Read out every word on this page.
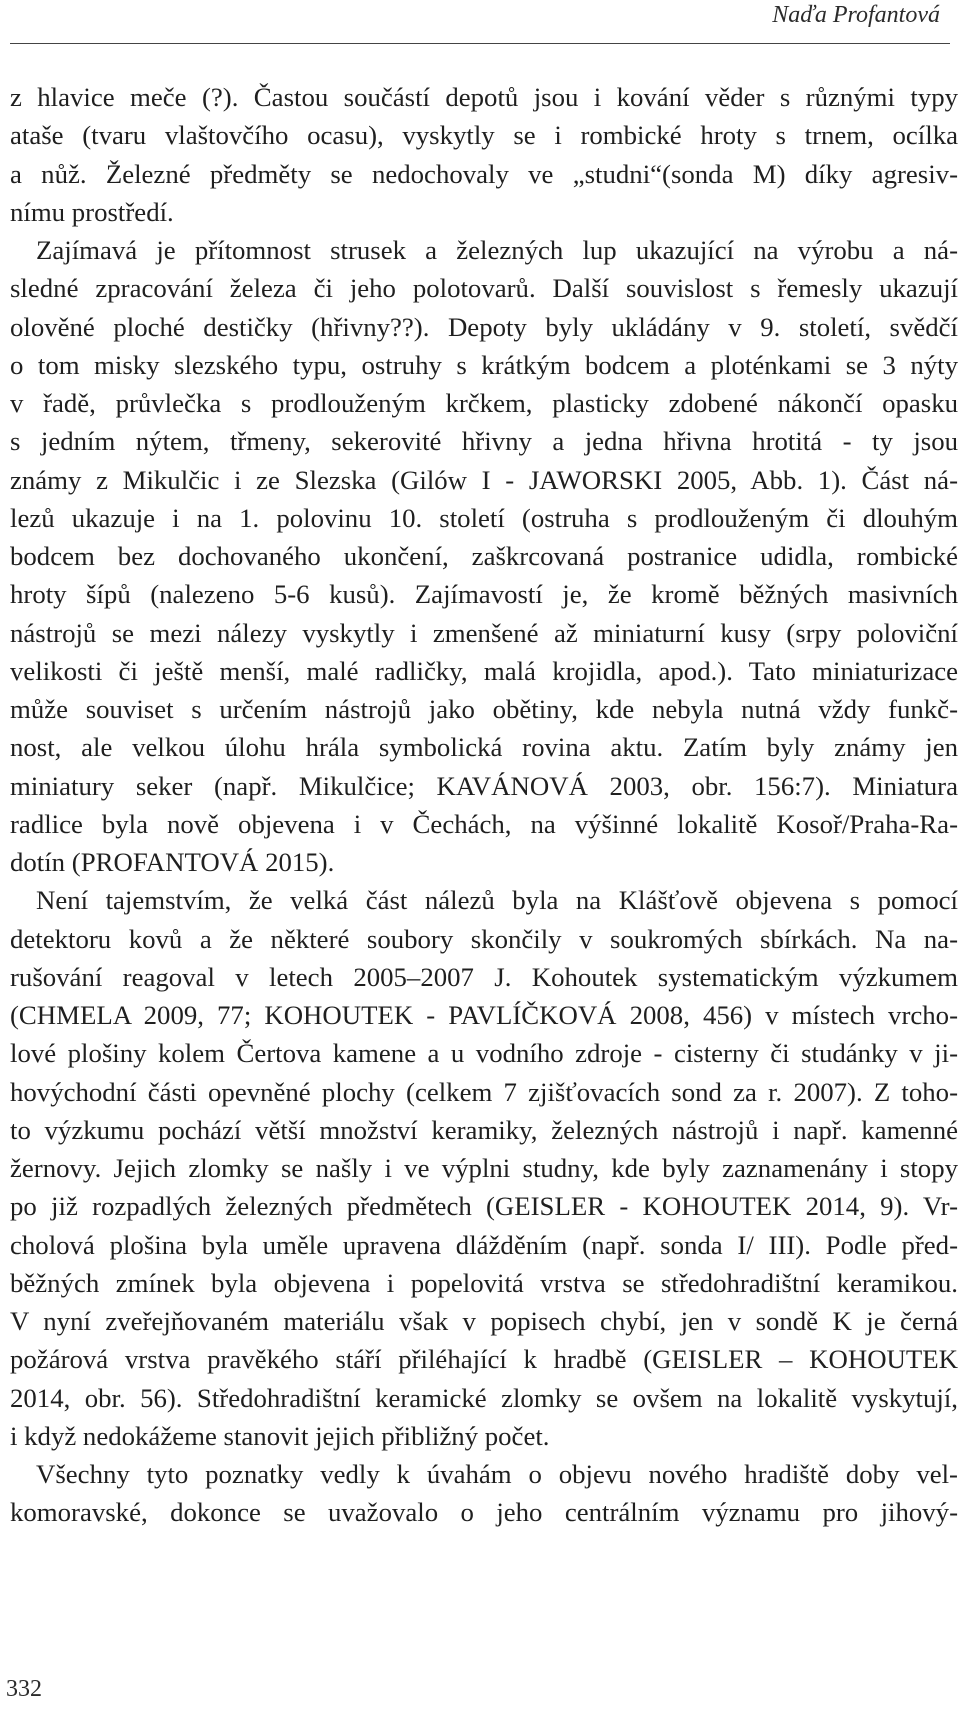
Naďa Profantová
z hlavice meče (?). Častou součástí depotů jsou i kování věder s různými typy
ataše (tvaru vlaštovčího ocasu), vyskytly se i rombické hroty s trnem, ocílka
a nůž. Železné předměty se nedochovaly ve „studni“(sonda M) díky agresiv-
nímu prostředí.
Zajímavá je přítomnost strusek a železných lup ukazující na výrobu a ná-
sledné zpracování železa či jeho polotovarů. Další souvislost s řemesly ukazují
olověné ploché destičky (hřivny??). Depoty byly ukládány v 9. století, svědčí
o tom misky slezského typu, ostruhy s krátkým bodcem a ploténkami se 3 nýty
v řadě, průvlečka s prodlouženým krčkem, plasticky zdobené nákončí opasku
s jedním nýtem, třmeny, sekerovité hřivny a jedna hřivna hrotitá - ty jsou
známy z Mikulčic i ze Slezska (Gilów I - JAWORSKI 2005, Abb. 1). Část ná-
lezů ukazuje i na 1. polovinu 10. století (ostruha s prodlouženým či dlouhým
bodcem bez dochovaného ukončení, zaškrcovaná postranice udidla, rombické
hroty šípů (nalezeno 5-6 kusů). Zajímavostí je, že kromě běžných masivních
nástrojů se mezi nálezy vyskytly i zmenšené až miniaturní kusy (srpy poloviční
velikosti či ještě menší, malé radličky, malá krojidla, apod.). Tato miniaturizace
může souviset s určením nástrojů jako obětiny, kde nebyla nutná vždy funkč-
nost, ale velkou úlohu hrála symbolická rovina aktu. Zatím byly známy jen
miniatury seker (např. Mikulčice; KAVÁNOVÁ 2003, obr. 156:7). Miniatura
radlice byla nově objevena i v Čechách, na výšinné lokalitě Kosoř/Praha-Ra-
dotín (PROFANTOVÁ 2015).
Není tajemstvím, že velká část nálezů byla na Klášťově objevena s pomocí
detektoru kovů a že některé soubory skončily v soukromých sbírkách. Na na-
rušování reagoval v letech 2005–2007 J. Kohoutek systematickým výzkumem
(CHMELA 2009, 77; KOHOUTEK - PAVLÍČKOVÁ 2008, 456) v místech vrcho-
lové plošiny kolem Čertova kamene a u vodního zdroje - cisterny či studánky v ji-
hovýchodní části opevněné plochy (celkem 7 zjišťovacích sond za r. 2007). Z toho-
to výzkumu pochází větší množství keramiky, železných nástrojů i např. kamenné
žernovy. Jejich zlomky se našly i ve výplni studny, kde byly zaznamenány i stopy
po již rozpadlých železných předmětech (GEISLER - KOHOUTEK 2014, 9). Vr-
cholová plošina byla uměle upravena dlážděním (např. sonda I/ III). Podle před-
běžných zmínek byla objevena i popelovitá vrstva se středohradištní keramikou.
V nyní zveřejňovaném materiálu však v popisech chybí, jen v sondě K je černá
požárová vrstva pravěkého stáří přiléhající k hradbě (GEISLER – KOHOUTEK
2014, obr. 56). Středohradištní keramické zlomky se ovšem na lokalitě vyskytují,
i když nedokážeme stanovit jejich přibližný počet.
Všechny tyto poznatky vedly k úvahám o objevu nového hradiště doby vel-
komoravské, dokonce se uvažovalo o jeho centrálním významu pro jihový-
332
